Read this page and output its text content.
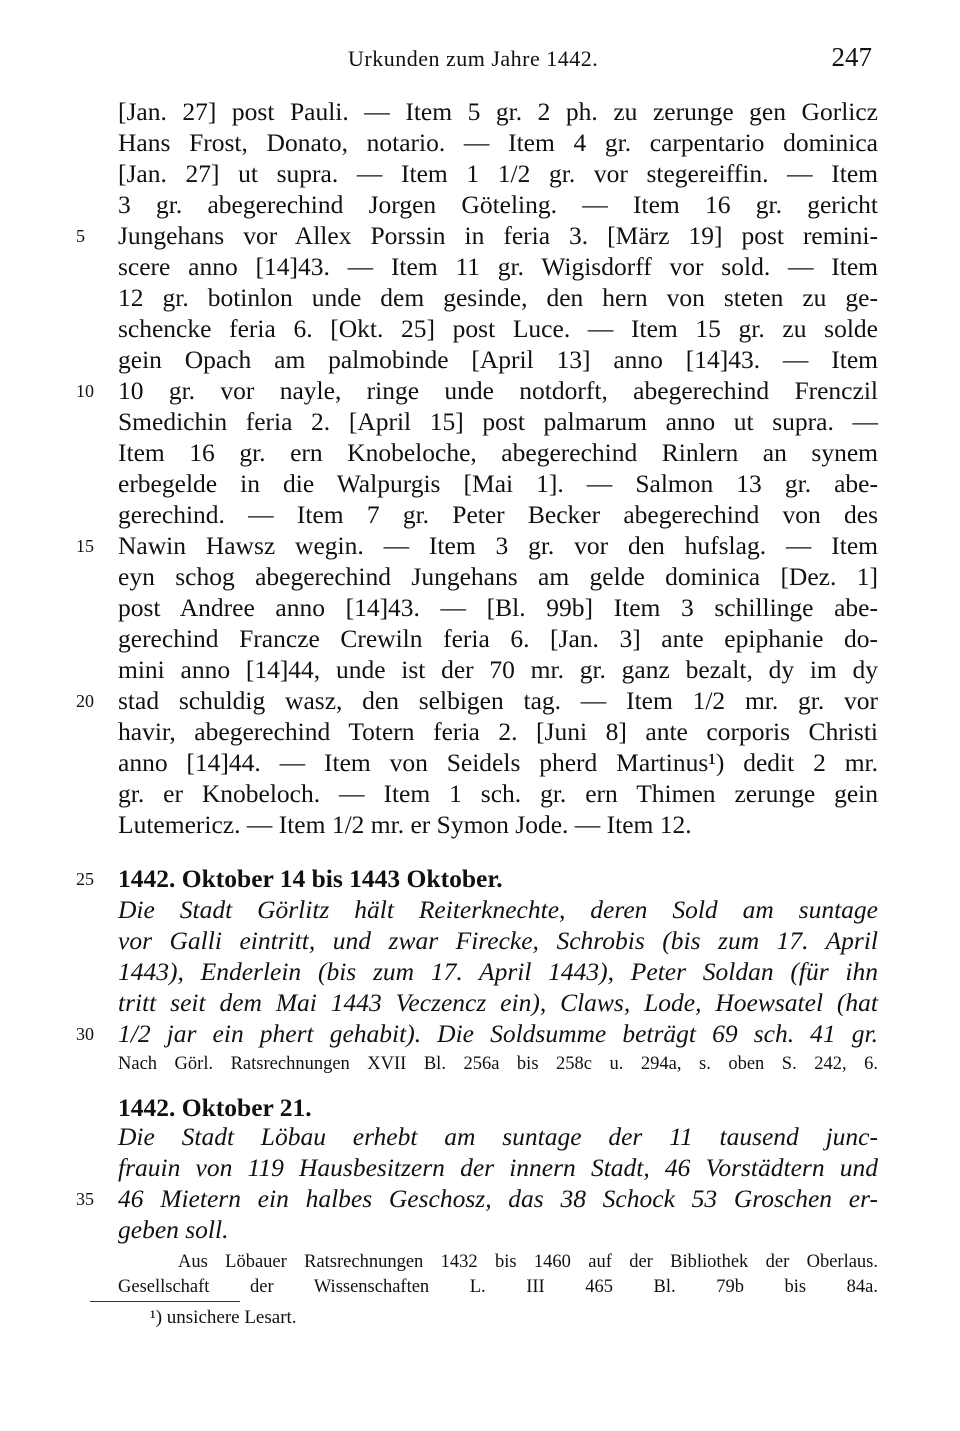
Urkunden zum Jahre 1442.	247
[Jan. 27] post Pauli. — Item 5 gr. 2 ph. zu zerunge gen Gorlicz
Hans Frost, Donato, notario. — Item 4 gr. carpentario dominica
[Jan. 27] ut supra. — Item 1 1/2 gr. vor stegereiffin. — Item
3 gr. abegerechind Jorgen Göteling. — Item 16 gr. gericht
Jungehans vor Allex Porssin in feria 3. [März 19] post remini-
scere anno [14]43. — Item 11 gr. Wigisdorff vor sold. — Item
12 gr. botinlon unde dem gesinde, den hern von steten zu ge-
schencke feria 6. [Okt. 25] post Luce. — Item 15 gr. zu solde
gein Opach am palmobinde [April 13] anno [14]43. — Item
10 gr. vor nayle, ringe unde notdorft, abegerechind Frenczil
Smedichin feria 2. [April 15] post palmarum anno ut supra. —
Item 16 gr. ern Knobeloche, abegerechind Rinlern an synem
erbegelde in die Walpurgis [Mai 1]. — Salmon 13 gr. abe-
gerechind. — Item 7 gr. Peter Becker abegerechind von des
Nawin Hawsz wegin. — Item 3 gr. vor den hufslag. — Item
eyn schog abegerechind Jungehans am gelde dominica [Dez. 1]
post Andree anno [14]43. — [Bl. 99b] Item 3 schillinge abe-
gerechind Francze Crewiln feria 6. [Jan. 3] ante epiphanie do-
mini anno [14]44, unde ist der 70 mr. gr. ganz bezalt, dy im dy
stad schuldig wasz, den selbigen tag. — Item 1/2 mr. gr. vor
havir, abegerechind Totern feria 2. [Juni 8] ante corporis Christi
anno [14]44. — Item von Seidels pherd Martinus¹) dedit 2 mr.
gr. er Knobeloch. — Item 1 sch. gr. ern Thimen zerunge gein
Lutemericz. — Item 1/2 mr. er Symon Jode. — Item 12.
1442. Oktober 14 bis 1443 Oktober.
Die Stadt Görlitz hält Reiterknechte, deren Sold am suntage
vor Galli eintritt, und zwar Firecke, Schrobis (bis zum 17. April
1443), Enderlein (bis zum 17. April 1443), Peter Soldan (für ihn
tritt seit dem Mai 1443 Veczencz ein), Claws, Lode, Hoewsatel (hat
1/2 jar ein phert gehabit). Die Soldsumme beträgt 69 sch. 41 gr.
Nach Görl. Ratsrechnungen XVII Bl. 256a bis 258c u. 294a, s. oben S. 242, 6.
1442. Oktober 21.
Die Stadt Löbau erhebt am suntage der 11 tausend junc-
frauin von 119 Hausbesitzern der innern Stadt, 46 Vorstädtern und
46 Mietern ein halbes Geschosz, das 38 Schock 53 Groschen er-
geben soll.
Aus Löbauer Ratsrechnungen 1432 bis 1460 auf der Bibliothek der Oberlaus.
Gesellschaft der Wissenschaften L. III 465 Bl. 79b bis 84a.
5
10
15
20
25
30
35
¹) unsichere Lesart.
